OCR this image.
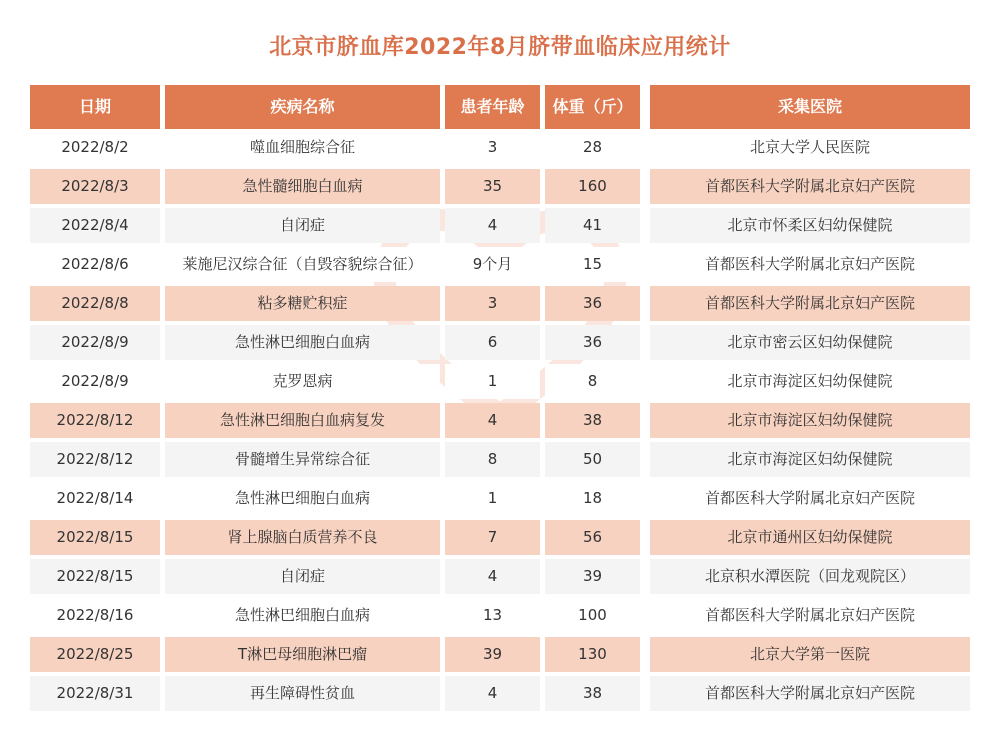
北京市脐血库2022年8月脐带血临床应用统计
日期	疾病名称	患者年龄	体重（斤）	采集医院
2022/8/2	噬血细胞综合征	3	28	北京大学人民医院
2022/8/3	急性髓细胞白血病	35	160	首都医科大学附属北京妇产医院
2022/8/4	自闭症	4	41	北京市怀柔区妇幼保健院
2022/8/6	莱施尼汉综合征（自毁容貌综合征）	9个月	15	首都医科大学附属北京妇产医院
2022/8/8	粘多糖贮积症	3	36	首都医科大学附属北京妇产医院
2022/8/9	急性淋巴细胞白血病	6	36	北京市密云区妇幼保健院
2022/8/9	克罗恩病	1	8	北京市海淀区妇幼保健院
2022/8/12	急性淋巴细胞白血病复发	4	38	北京市海淀区妇幼保健院
2022/8/12	骨髓增生异常综合征	8	50	北京市海淀区妇幼保健院
2022/8/14	急性淋巴细胞白血病	1	18	首都医科大学附属北京妇产医院
2022/8/15	肾上腺脑白质营养不良	7	56	北京市通州区妇幼保健院
2022/8/15	自闭症	4	39	北京积水潭医院（回龙观院区）
2022/8/16	急性淋巴细胞白血病	13	100	首都医科大学附属北京妇产医院
2022/8/25	T淋巴母细胞淋巴瘤	39	130	北京大学第一医院
2022/8/31	再生障碍性贫血	4	38	首都医科大学附属北京妇产医院
